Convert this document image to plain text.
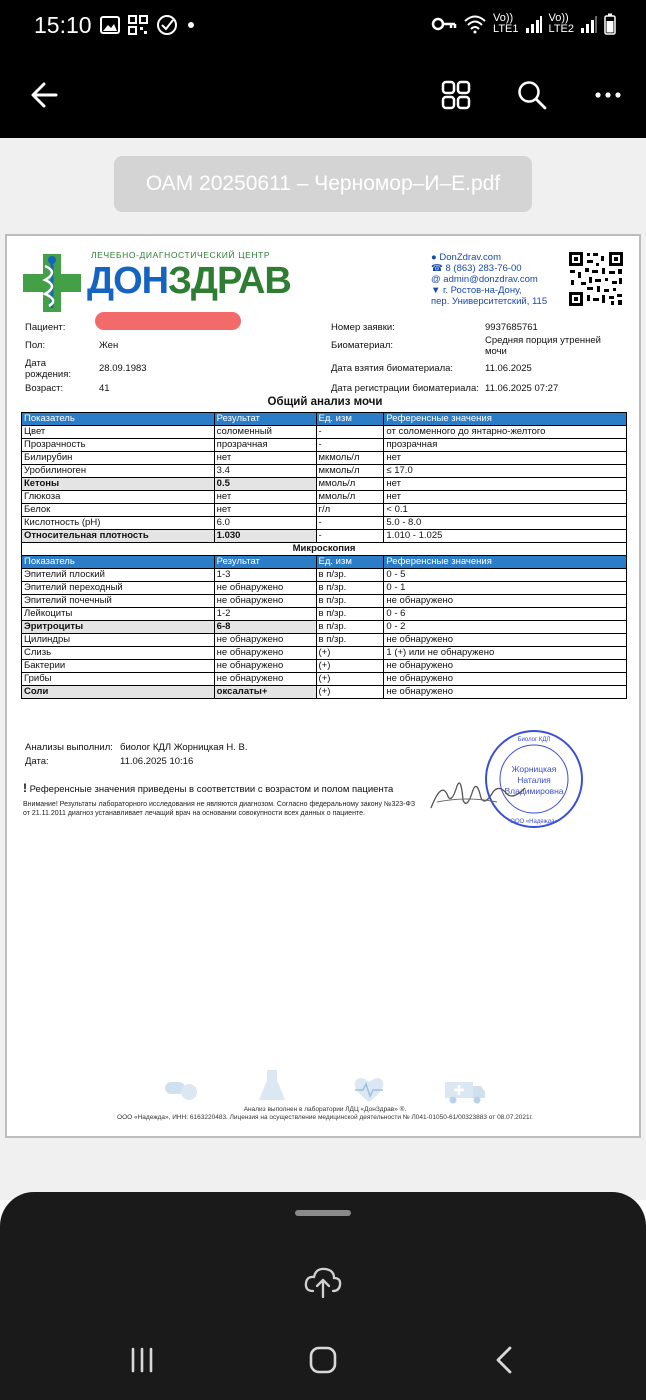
15:10	Vo))
LTE1
Vo))
LTE2
ОАМ 20250611 – Черномор–И–Е.pdf
ЛЕЧЕБНО-ДИАГНОСТИЧЕСКИЙ ЦЕНТР
ДОНЗДРАВ
● DonZdrav.com
☎ 8 (863) 283-76-00
@ admin@donzdrav.com
▼ г. Ростов-на-Дону,
пер. Университетский, 115
Пациент:
Пол:	Жен
Дата
рождения:
28.09.1983
Возраст:	41
Номер заявки:	9937685761
Биоматериал:	Средняя порция утренней
мочи
Дата взятия биоматериала:	11.06.2025
Дата регистрации биоматериала: 11.06.2025 07:27
Общий анализ мочи
Показатель	Результат	Ед. изм	Референсные значения
Цвет	соломенный	-	от соломенного до янтарно-желтого
Прозрачность	прозрачная	-	прозрачная
Билирубин	нет	мкмоль/л	нет
Уробилиноген	3.4	мкмоль/л	≤ 17.0
Кетоны	0.5	ммоль/л	нет
Глюкоза	нет	ммоль/л	нет
Белок	нет	г/л	< 0.1
Кислотность (pH)	6.0	-	5.0 - 8.0
Относительная плотность	1.030	-	1.010 - 1.025
Микроскопия			
Показатель	Результат	Ед. изм	Референсные значения
Эпителий плоский	1-3	в п/зр.	0 - 5
Эпителий переходный	не обнаружено	в п/зр.	0 - 1
Эпителий почечный	не обнаружено	в п/зр.	не обнаружено
Лейкоциты	1-2	в п/зр.	0 - 6
Эритроциты	6-8	в п/зр.	0 - 2
Цилиндры	не обнаружено	в п/зр.	не обнаружено
Слизь	не обнаружено	(+)	1 (+) или не обнаружено
Бактерии	не обнаружено	(+)	не обнаружено
Грибы	не обнаружено	(+)	не обнаружено
Соли	оксалаты+	(+)	не обнаружено
Анализы выполнил: биолог КДЛ Жорницкая Н. В.
Дата:	11.06.2025 10:16
! Референсные значения приведены в соответствии с возрастом и полом пациента
Внимание! Результаты лабораторного исследования не являются диагнозом. Согласно федеральному закону №323-ФЗ
от 21.11.2011 диагноз устанавливает лечащий врач на основании совокупности всех данных о пациенте.
Биолог КДЛ
ООО «Надежда»
Жорницкая
Наталия
Владимировна
Анализ выполнен в лаборатории ЛДЦ «ДонЗдрав» ®.
ООО «Надежда», ИНН: 6163220483. Лицензия на осуществление медицинской деятельности № Л041-01050-61/00323883 от 08.07.2021г.
